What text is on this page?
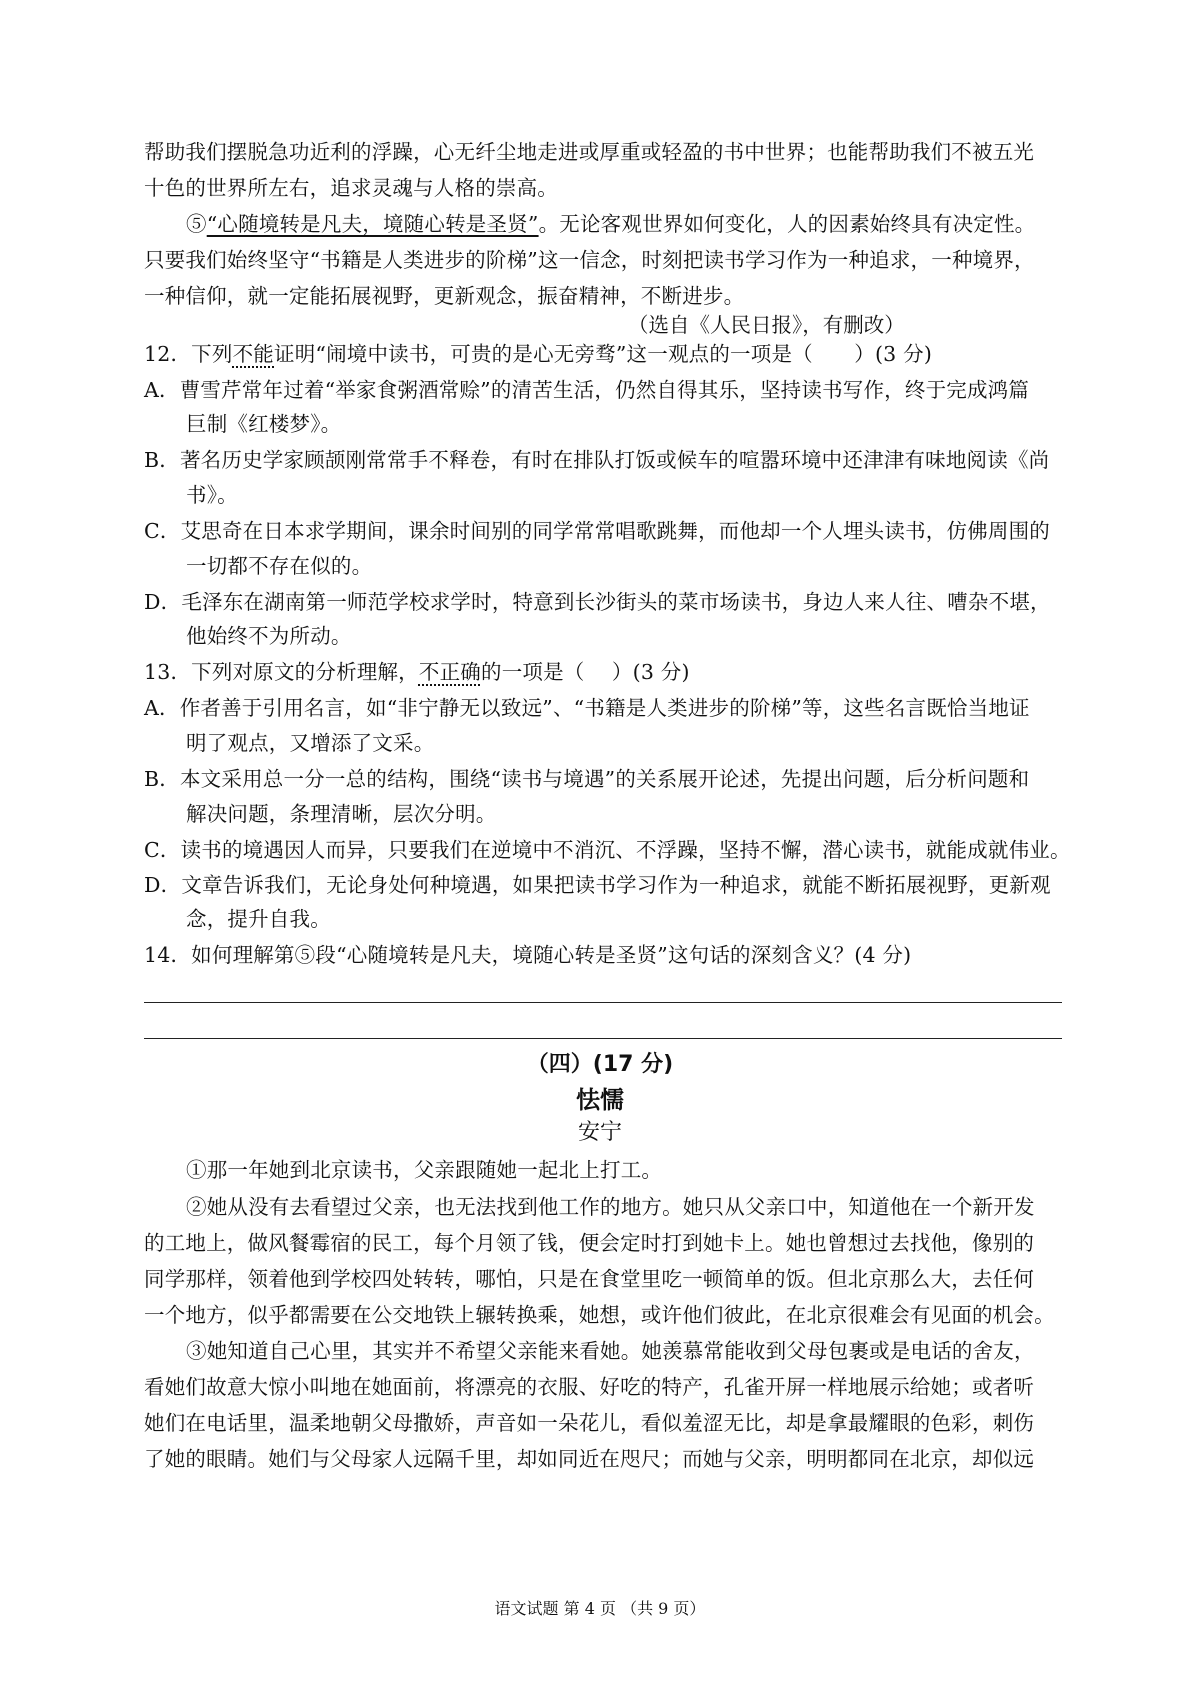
帮助我们摆脱急功近利的浮躁，心无纤尘地走进或厚重或轻盈的书中世界；也能帮助我们不被五光
十色的世界所左右，追求灵魂与人格的崇高。
⑤“心随境转是凡夫，境随心转是圣贤”。无论客观世界如何变化，人的因素始终具有决定性。
只要我们始终坚守“书籍是人类进步的阶梯”这一信念，时刻把读书学习作为一种追求，一种境界，
一种信仰，就一定能拓展视野，更新观念，振奋精神，不断进步。
（选自《人民日报》，有删改）
12．下列不能证明“闹境中读书，可贵的是心无旁骛”这一观点的一项是（　　）(3 分)
A．曹雪芹常年过着“举家食粥酒常赊”的清苦生活，仍然自得其乐，坚持读书写作，终于完成鸿篇
巨制《红楼梦》。
B．著名历史学家顾颉刚常常手不释卷，有时在排队打饭或候车的喧嚣环境中还津津有味地阅读《尚
书》。
C．艾思奇在日本求学期间，课余时间别的同学常常唱歌跳舞，而他却一个人埋头读书，仿佛周围的
一切都不存在似的。
D．毛泽东在湖南第一师范学校求学时，特意到长沙街头的菜市场读书，身边人来人往、嘈杂不堪，
他始终不为所动。
13．下列对原文的分析理解，不正确的一项是（　 ）(3 分)
A．作者善于引用名言，如“非宁静无以致远”、“书籍是人类进步的阶梯”等，这些名言既恰当地证
明了观点，又增添了文采。
B．本文采用总一分一总的结构，围绕“读书与境遇”的关系展开论述，先提出问题，后分析问题和
解决问题，条理清晰，层次分明。
C．读书的境遇因人而异，只要我们在逆境中不消沉、不浮躁，坚持不懈，潜心读书，就能成就伟业。
D．文章告诉我们，无论身处何种境遇，如果把读书学习作为一种追求，就能不断拓展视野，更新观
念，提升自我。
14．如何理解第⑤段“心随境转是凡夫，境随心转是圣贤”这句话的深刻含义？(4 分)
（四）(17 分)
怯懦
安宁
①那一年她到北京读书，父亲跟随她一起北上打工。
②她从没有去看望过父亲，也无法找到他工作的地方。她只从父亲口中，知道他在一个新开发
的工地上，做风餐霉宿的民工，每个月领了钱，便会定时打到她卡上。她也曾想过去找他，像别的
同学那样，领着他到学校四处转转，哪怕，只是在食堂里吃一顿简单的饭。但北京那么大，去任何
一个地方，似乎都需要在公交地铁上辗转换乘，她想，或许他们彼此，在北京很难会有见面的机会。
③她知道自己心里，其实并不希望父亲能来看她。她羡慕常能收到父母包裹或是电话的舍友，
看她们故意大惊小叫地在她面前，将漂亮的衣服、好吃的特产，孔雀开屏一样地展示给她；或者听
她们在电话里，温柔地朝父母撒娇，声音如一朵花儿，看似羞涩无比，却是拿最耀眼的色彩，刺伤
了她的眼睛。她们与父母家人远隔千里，却如同近在咫尺；而她与父亲，明明都同在北京，却似远
语文试题 第 4 页 （共 9 页）
